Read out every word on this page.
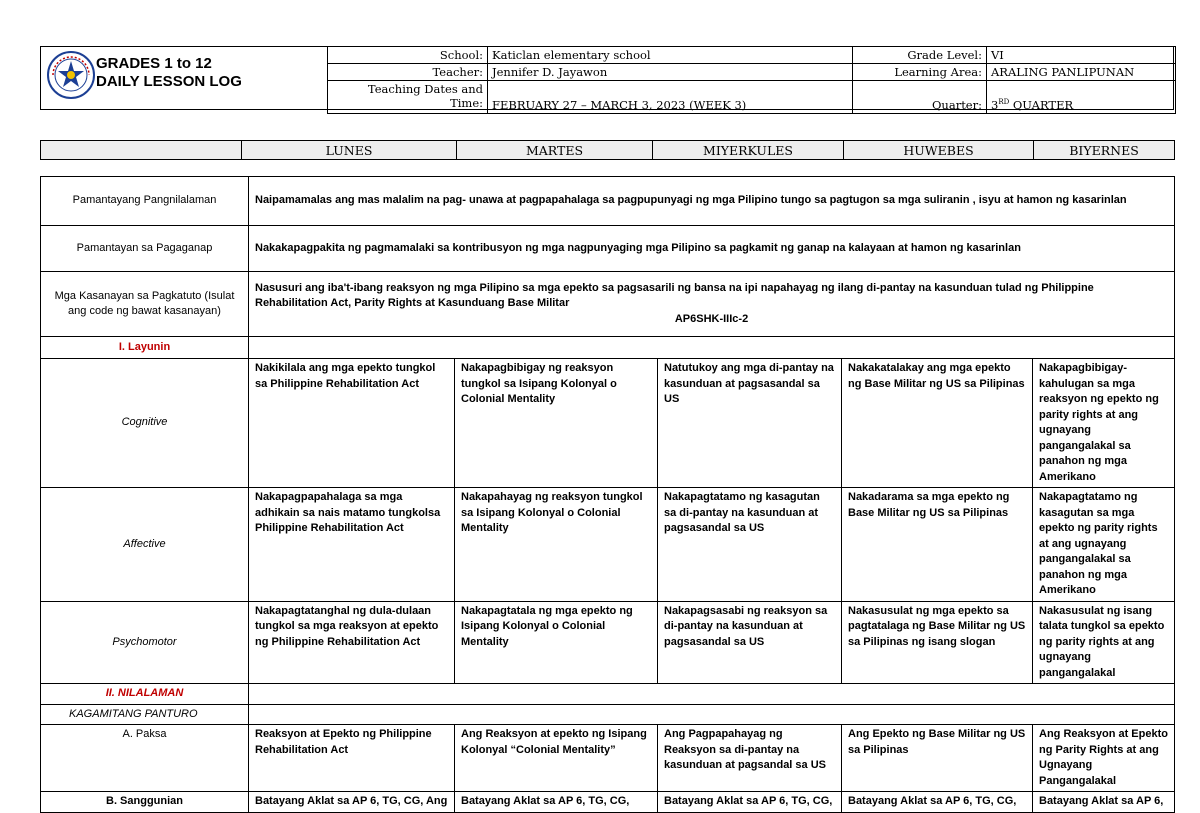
GRADES 1 to 12
DAILY LESSON LOG
School:	Katiclan elementary school	Grade Level:	VI
Teacher:	Jennifer D. Jayawon	Learning Area:	ARALING PANLIPUNAN

Teaching Dates and
Time:	FEBRUARY 27 – MARCH 3, 2023 (WEEK 3)	Quarter:	3RD QUARTER
	LUNES	MARTES	MIYERKULES	HUWEBES	BIYERNES
Pamantayang Pangnilalaman	Naipamamalas ang mas malalim na pag- unawa at pagpapahalaga sa pagpupunyagi ng mga Pilipino tungo sa pagtugon sa mga suliranin , isyu at hamon ng kasarinlan				
Pamantayan sa Pagaganap	Nakakapagpakita ng pagmamalaki sa kontribusyon ng mga nagpunyaging mga Pilipino sa pagkamit ng ganap na kalayaan at hamon ng kasarinlan				
Mga Kasanayan sa Pagkatuto (Isulat ang code ng bawat kasanayan)	Nasusuri ang iba't-ibang reaksyon ng mga Pilipino sa mga epekto sa pagsasarili ng bansa na ipi napahayag ng ilang di-pantay na kasunduan tulad ng Philippine Rehabilitation Act, Parity Rights at Kasunduang Base Militar
AP6SHK-IIIc-2				

I. Layunin					
Cognitive	Nakikilala ang mga epekto tungkol sa Philippine Rehabilitation Act	Nakapagbibigay ng reaksyon tungkol sa Isipang Kolonyal o Colonial Mentality	Natutukoy ang mga di-pantay na kasunduan at pagsasandal sa US	Nakakatalakay ang mga epekto ng Base Militar ng US sa Pilipinas	Nakapagbibigay-kahulugan sa mga reaksyon ng epekto ng parity rights at ang ugnayang pangangalakal sa panahon ng mga Amerikano
Affective	Nakapagpapahalaga sa mga adhikain sa nais matamo tungkolsa Philippine Rehabilitation Act	Nakapahayag ng reaksyon tungkol sa Isipang Kolonyal o Colonial Mentality	Nakapagtatamo ng kasagutan sa di-pantay na kasunduan at pagsasandal sa US	Nakadarama sa mga epekto ng Base Militar ng US sa Pilipinas	Nakapagtatamo ng kasagutan sa mga epekto ng parity rights at ang ugnayang pangangalakal sa panahon ng mga Amerikano
Psychomotor	Nakapagtatanghal ng dula-dulaan tungkol sa mga reaksyon at epekto ng Philippine Rehabilitation Act	Nakapagtatala ng mga epekto ng Isipang Kolonyal o Colonial Mentality	Nakapagsasabi ng reaksyon sa di-pantay na kasunduan at pagsasandal sa US	Nakasusulat ng mga epekto sa pagtatalaga ng Base Militar ng US sa Pilipinas ng isang slogan	Nakasusulat ng isang talata tungkol sa epekto ng parity rights at ang ugnayang pangangalakal
II. NILALAMAN					
KAGAMITANG PANTURO					
A. Paksa	Reaksyon at Epekto ng Philippine Rehabilitation Act	Ang Reaksyon at epekto ng Isipang Kolonyal “Colonial Mentality”	Ang Pagpapahayag ng Reaksyon sa di-pantay na kasunduan at pagsandal sa US	Ang Epekto ng Base Militar ng US sa Pilipinas	Ang Reaksyon at Epekto ng Parity Rights at ang Ugnayang Pangangalakal
B. Sanggunian	Batayang Aklat sa AP 6, TG, CG, Ang	Batayang Aklat sa AP 6, TG, CG,	Batayang Aklat sa AP 6, TG, CG,	Batayang Aklat sa AP 6, TG, CG,	Batayang Aklat sa AP 6,
